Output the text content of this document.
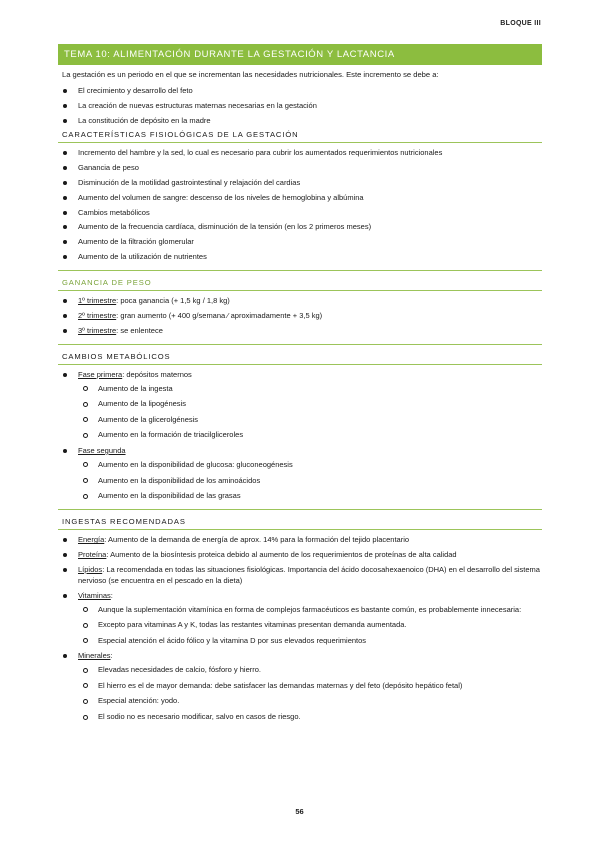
BLOQUE III
TEMA 10: ALIMENTACIÓN DURANTE LA GESTACIÓN Y LACTANCIA

La gestación es un periodo en el que se incrementan las necesidades nutricionales. Este incremento se debe a:

El crecimiento y desarrollo del feto
La creación de nuevas estructuras maternas necesarias en la gestación
La constitución de depósito en la madre
CARACTERÍSTICAS FISIOLÓGICAS DE LA GESTACIÓN
Incremento del hambre y la sed, lo cual es necesario para cubrir los aumentados requerimientos nutricionales
Ganancia de peso
Disminución de la motilidad gastrointestinal y relajación del cardias
Aumento del volumen de sangre: descenso de los niveles de hemoglobina y albúmina
Cambios metabólicos
Aumento de la frecuencia cardíaca, disminución de la tensión (en los 2 primeros meses)
Aumento de la filtración glomerular
Aumento de la utilización de nutrientes
GANANCIA DE PESO
1º trimestre: poca ganancia (+ 1,5 kg / 1,8 kg)
2º trimestre: gran aumento (+ 400 g/semana ⁄ aproximadamente + 3,5 kg)
3º trimestre: se enlentece
CAMBIOS METABÓLICOS
Fase primera: depósitos maternos
Aumento de la ingesta
Aumento de la lipogénesis
Aumento de la glicerolgénesis
Aumento en la formación de triacilgliceroles
Fase segunda
Aumento en la disponibilidad de glucosa: gluconeogénesis
Aumento en la disponibilidad de los aminoácidos
Aumento en la disponibilidad de las grasas
INGESTAS RECOMENDADAS
Energía: Aumento de la demanda de energía de aprox. 14% para la formación del tejido placentario
Proteína: Aumento de la biosíntesis proteica debido al aumento de los requerimientos de proteínas de alta calidad
Lípidos: La recomendada en todas las situaciones fisiológicas. Importancia del ácido docosahexaenoico (DHA) en el desarrollo del sistema nervioso (se encuentra en el pescado en la dieta)
Vitaminas:
Aunque la suplementación vitamínica en forma de complejos farmacéuticos es bastante común, es probablemente innecesaria:
Excepto para vitaminas A y K, todas las restantes vitaminas presentan demanda aumentada.
Especial atención el ácido fólico y la vitamina D por sus elevados requerimientos
Minerales:
Elevadas necesidades de calcio, fósforo y hierro.
El hierro es el de mayor demanda: debe satisfacer las demandas maternas y del feto (depósito hepático fetal)
Especial atención: yodo.
El sodio no es necesario modificar, salvo en casos de riesgo.
56
